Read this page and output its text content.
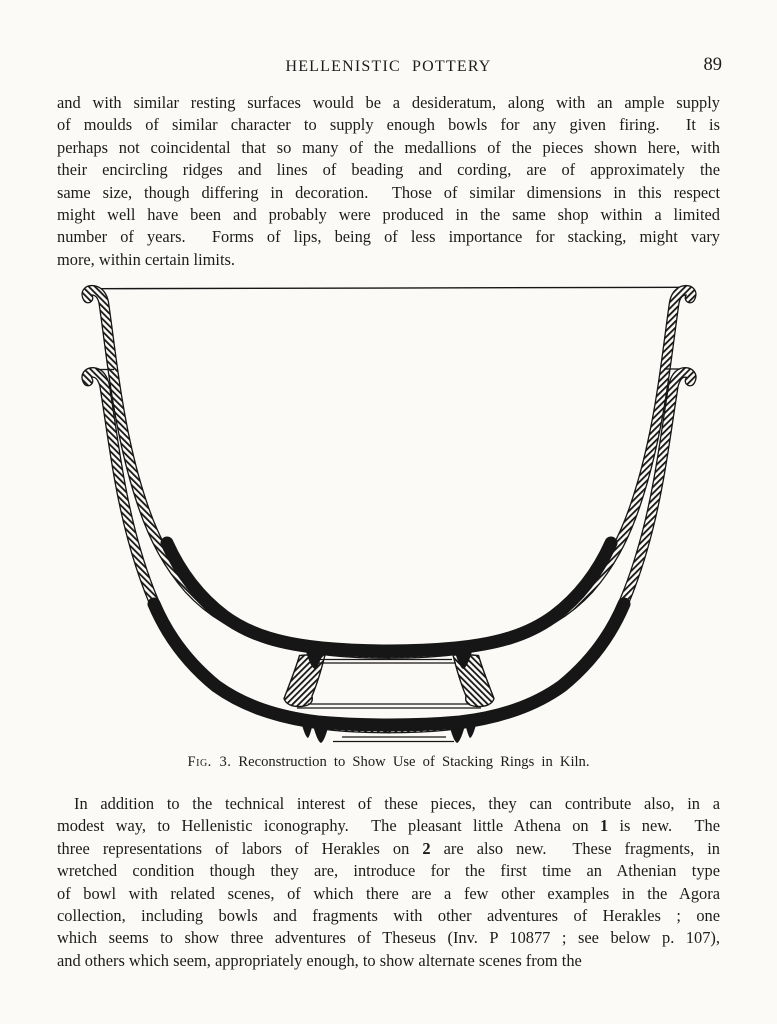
HELLENISTIC POTTERY	89
and with similar resting surfaces would be a desideratum, along with an ample supply
of moulds of similar character to supply enough bowls for any given firing.  It is
perhaps not coincidental that so many of the medallions of the pieces shown here, with
their encircling ridges and lines of beading and cording, are of approximately the
same size, though differing in decoration.  Those of similar dimensions in this respect
might well have been and probably were produced in the same shop within a limited
number of years.  Forms of lips, being of less importance for stacking, might vary
more, within certain limits.
Fig. 3. Reconstruction to Show Use of Stacking Rings in Kiln.
In addition to the technical interest of these pieces, they can contribute also, in a
modest way, to Hellenistic iconography.  The pleasant little Athena on 1 is new.  The
three representations of labors of Herakles on 2 are also new.  These fragments, in
wretched condition though they are, introduce for the first time an Athenian type
of bowl with related scenes, of which there are a few other examples in the Agora
collection, including bowls and fragments with other adventures of Herakles ; one
which seems to show three adventures of Theseus (Inv. P 10877 ; see below p. 107),
and others which seem, appropriately enough, to show alternate scenes from the
